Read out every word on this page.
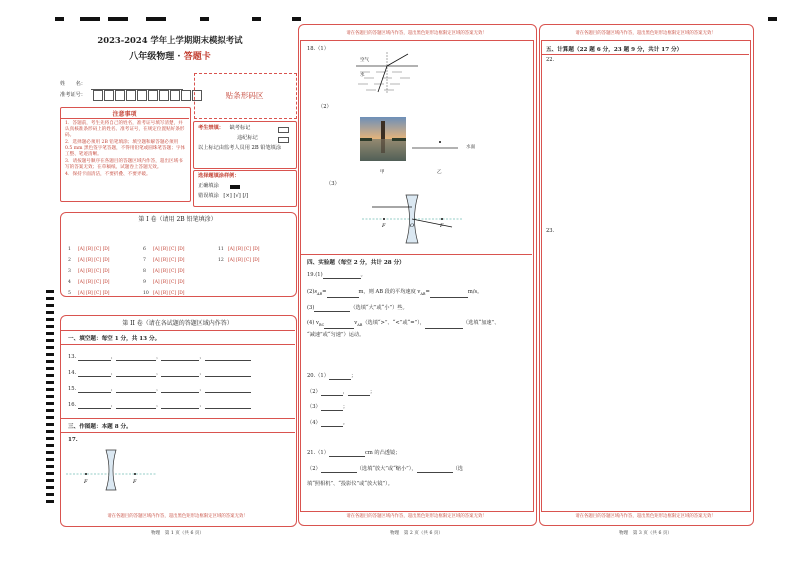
2023-2024 学年上学期期末模拟考试
八年级物理 · 答题卡
姓　　名：
准考证号：	贴条形码区
注意事项
1．答题前，考生先将自己的姓名，准考证号填写清楚，并认真核准条形码上的姓名、准考证号，在规定位置贴好条形码。
2．选择题必须用 2B 铅笔填涂；填空题和解答题必须用 0.5 mm 黑色签字笔答题，不得用铅笔或圆珠笔答题；字体工整、笔迹清晰。
3．请按题号顺序在各题目的答题区域内作答，超出区域书写的答案无效；在草稿纸、试题卷上答题无效。
4．保持卡面清洁，不要折叠、不要弄破。
考生禁填： 缺考标记
违纪标记
以上标记由监考人员用 2B 铅笔填涂
选择题填涂样例：
正确填涂
错误填涂 [×] [√] [/]
第 I 卷（请用 2B 铅笔填涂）
1 [A] [B] [C] [D]
2 [A] [B] [C] [D]
3 [A] [B] [C] [D]
4 [A] [B] [C] [D]
5 [A] [B] [C] [D]
6 [A] [B] [C] [D]
7 [A] [B] [C] [D]
8 [A] [B] [C] [D]
9 [A] [B] [C] [D]
10 [A] [B] [C] [D]
11 [A] [B] [C] [D]
12 [A] [B] [C] [D]
第 II 卷（请在各试题的答题区域内作答）
一、填空题：每空 1 分，共 13 分。
13.	，	，	，
14.	，	，	，
15.	，	，	，
16.	，	，	，
三、作图题：本题 8 分。
17.
F	F
请在各题目的答题区域内作答，超出黑色矩形边框限定区域的答案无效！
物理　第 1 页（共 6 页）
请在各题目的答题区域内作答，超出黑色矩形边框限定区域的答案无效！
18.（1）
空气
水
（2）
甲
水面
乙
（3）
F	O	F
四、实验题（每空 2 分，共计 28 分）
19.(1)	。
$(2)s_{AB}=$	m，则 AB 段的平均速度 $v_{AB}=$	m/s。
(3)	（选填“大”或“小”）些。
(4) $v_{BC}$	$v_{AB}$（选填“>”、“<”或“=”），	（选填“加速”、
“减速”或“匀速”）运动。
20.（1）	；
（2）	，	；
（3）	；
（4）	。
21.（1）	cm 的凸透镜；
（2）	（选填“放大”或“缩小”），	（选
填“照相机”、“投影仪”或“放大镜”）。
请在各题目的答题区域内作答，超出黑色矩形边框限定区域的答案无效！
物理　第 2 页（共 6 页）
请在各题目的答题区域内作答，超出黑色矩形边框限定区域的答案无效！
五、计算题（22 题 6 分，23 题 9 分，共计 17 分）
22.
23.
请在各题目的答题区域内作答，超出黑色矩形边框限定区域的答案无效！
物理　第 3 页（共 6 页）
